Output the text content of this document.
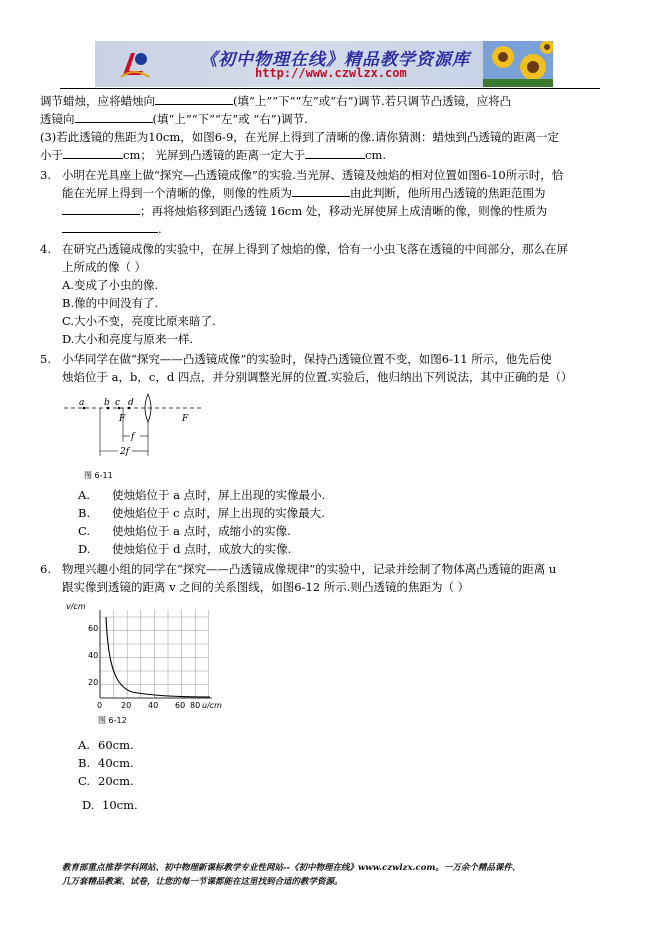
《初中物理在线》精品教学资源库
http://www.czwlzx.com
调节蜡烛，应将蜡烛向	(填“上”“下”“左”或“右”)调节.若只调节凸透镜，应将凸
透镜向	(填“上”“下”“左”或 “右”)调节.
(3)若此透镜的焦距为10cm，如图6-9，在光屏上得到了清晰的像.请你猜测：蜡烛到凸透镜的距离一定
小于	cm； 光屏到凸透镜的距离一定大于	cm.
3. 小明在光具座上做“探究—凸透镜成像”的实验.当光屏、透镜及烛焰的相对位置如图6-10所示时，恰
能在光屏上得到一个清晰的像，则像的性质为	由此判断，他所用凸透镜的焦距范围为
；再将烛焰移到距凸透镜 16cm 处，移动光屏使屏上成清晰的像，则像的性质为
.
4. 在研究凸透镜成像的实验中，在屏上得到了烛焰的像，恰有一小虫飞落在透镜的中间部分，那么在屏
上所成的像（ ）
A.变成了小虫的像.
B.像的中间没有了.
C.大小不变，亮度比原来暗了.
D.大小和亮度与原来一样.
5. 小华同学在做“探究——凸透镜成像”的实验时，保持凸透镜位置不变，如图6-11 所示，他先后使
烛焰位于 a，b，c，d 四点，并分别调整光屏的位置.实验后，他归纳出下列说法，其中正确的是（）
a b c d
F	F
f
2f
图 6-11
A. 使烛焰位于 a 点时，屏上出现的实像最小.
B. 使烛焰位于 c 点时，屏上出现的实像最大.
C. 使烛焰位于 a 点时，成缩小的实像.
D. 使烛焰位于 d 点时，成放大的实像.
6. 物理兴趣小组的同学在“探究——凸透镜成像规律”的实验中，记录并绘制了物体离凸透镜的距离 u
跟实像到透镜的距离 v 之间的关系图线，如图6-12 所示.则凸透镜的焦距为（ ）
v/cm
60
40
20
0 20 40 60 80 u/cm
图 6-12
A. 60cm.
B. 40cm.
C. 20cm.
D. 10cm.
教育部重点推荐学科网站、初中物理新课标教学专业性网站--《初中物理在线》www.czwlzx.com。一万余个精品课件、
几万套精品教案、试卷，让您的每一节课都能在这里找到合适的教学资源。
